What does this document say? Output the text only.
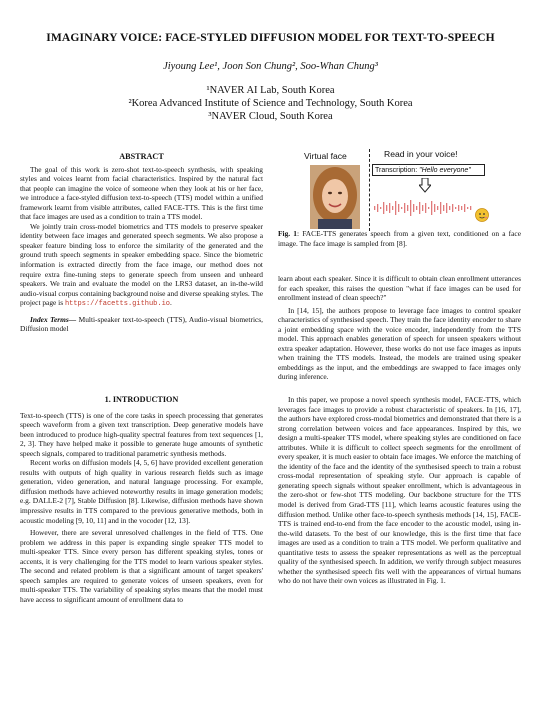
IMAGINARY VOICE: FACE-STYLED DIFFUSION MODEL FOR TEXT-TO-SPEECH
Jiyoung Lee¹, Joon Son Chung², Soo-Whan Chung³
¹NAVER AI Lab, South Korea
²Korea Advanced Institute of Science and Technology, South Korea
³NAVER Cloud, South Korea

ABSTRACT

The goal of this work is zero-shot text-to-speech synthesis, with speaking styles and voices learnt from facial characteristics. Inspired by the natural fact that people can imagine the voice of someone when they look at his or her face, we introduce a face-styled diffusion text-to-speech (TTS) model within a unified framework learnt from visible attributes, called FACE-TTS. This is the first time that face images are used as a condition to train a TTS model.

We jointly train cross-model biometrics and TTS models to preserve speaker identity between face images and generated speech segments. We also propose a speaker feature binding loss to enforce the similarity of the generated and the ground truth speech segments in speaker embedding space. Since the biometric information is extracted directly from the face image, our method does not require extra fine-tuning steps to generate speech from unseen and unheard speakers. We train and evaluate the model on the LRS3 dataset, an in-the-wild audio-visual corpus containing background noise and diverse speaking styles. The project page is https://facetts.github.io.

Index Terms— Multi-speaker text-to-speech (TTS), Audio-visual biometrics, Diffusion model

1. INTRODUCTION

Text-to-speech (TTS) is one of the core tasks in speech processing that generates speech waveform from a given text transcription. Deep generative models have been introduced to produce high-quality spectral features from text sequences [1, 2, 3]. They have helped make it possible to generate huge amounts of synthetic speech signals, compared to traditional parametric synthesis methods.

Recent works on diffusion models [4, 5, 6] have provided excellent generation results with outputs of high quality in various research fields such as image generation, video generation, and natural language processing. For example, diffusion methods have achieved noteworthy results in image generation models; e.g. DALLE-2 [7], Stable Diffusion [8]. Likewise, diffusion methods have shown impressive results in TTS compared to the previous generative methods, both in acoustic modeling [9, 10, 11] and in the vocoder [12, 13].

However, there are several unresolved challenges in the field of TTS. One problem we address in this paper is expanding single speaker TTS model to multi-speaker TTS. Since every person has different speaking styles, tones or accents, it is very challenging for the TTS model to learn various speaker styles. The second and related problem is that a significant amount of target speakers' speech samples are required to generate voices of unseen speakers, even for multi-speaker TTS. The variability of speaking styles means that the model must have access to significant amount of enrollment data to

Virtual face	Read in your voice!
Transcription: "Hello everyone"
Fig. 1: FACE-TTS generates speech from a given text, conditioned on a face image. The face image is sampled from [8].

learn about each speaker. Since it is difficult to obtain clean enrollment utterances for each speaker, this raises the question "what if face images can be used for enrollment instead of clean speech?"

In [14, 15], the authors propose to leverage face images to control speaker characteristics of synthesised speech. They train the face identity encoder to share a joint embedding space with the voice encoder, independently from the TTS model. This approach enables generation of speech for unseen speakers without extra speaker adaptation. However, these works do not use face images as inputs when training the TTS models. Instead, the models are trained using speaker embeddings as the input, and the embeddings are swapped to face images only during inference.

In this paper, we propose a novel speech synthesis model, FACE-TTS, which leverages face images to provide a robust characteristic of speakers. In [16, 17], the authors have explored cross-modal biometrics and demonstrated that there is a strong correlation between voices and face appearances. Inspired by this, we design a multi-speaker TTS model, where speaking styles are conditioned on face attributes. While it is difficult to collect speech segments for the enrollment of every speaker, it is much easier to obtain face images. We enforce the matching of the identity of the face and the identity of the synthesised speech to train a robust cross-modal representation of speaking style. Our approach is capable of generating speech signals without speaker enrollment, which is advantageous in the zero-shot or few-shot TTS modeling. Our backbone structure for the TTS model is derived from Grad-TTS [11], which learns acoustic features using the diffusion method. Unlike other face-to-speech synthesis methods [14, 15], FACE-TTS is trained end-to-end from the face encoder to the acoustic model, using in-the-wild datasets. To the best of our knowledge, this is the first time that face images are used as a condition to train a TTS model. We perform qualitative and quantitative tests to assess the speaker representations as well as the perceptual quality of the synthesised speech. In addition, we verify through subject measures whether the synthesised speech fits well with the appearances of virtual humans who do not have their own voices as illustrated in Fig. 1.
